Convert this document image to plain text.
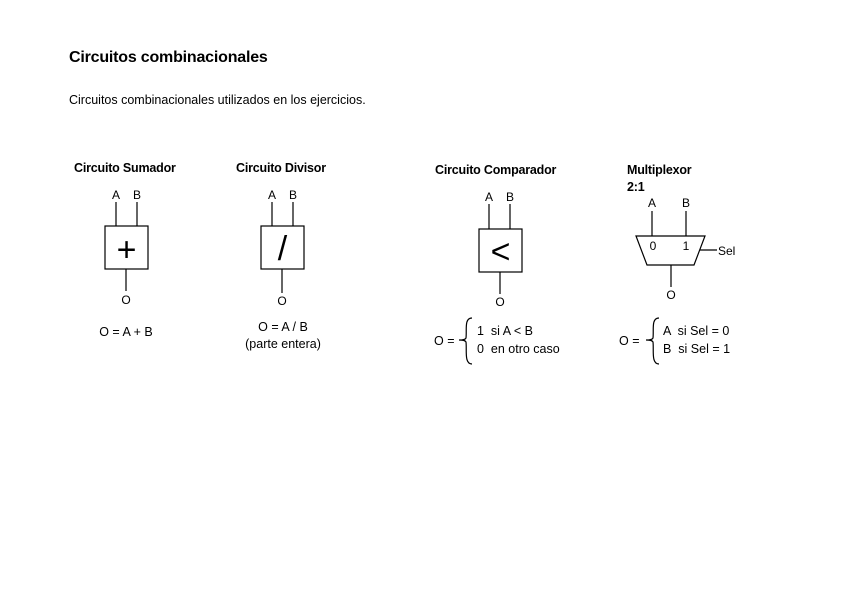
Circuitos combinacionales
Circuitos combinacionales utilizados en los ejercicios.
Circuito Sumador	Circuito Divisor	Circuito Comparador	Multiplexor
2:1
A B
+
O
O = A + B
A B
/
O
O = A / B
(parte entera)
A B
<
O
O =
1  si A < B
0  en otro caso
A B
0 1 Sel
O
O =
A  si Sel = 0
B  si Sel = 1
